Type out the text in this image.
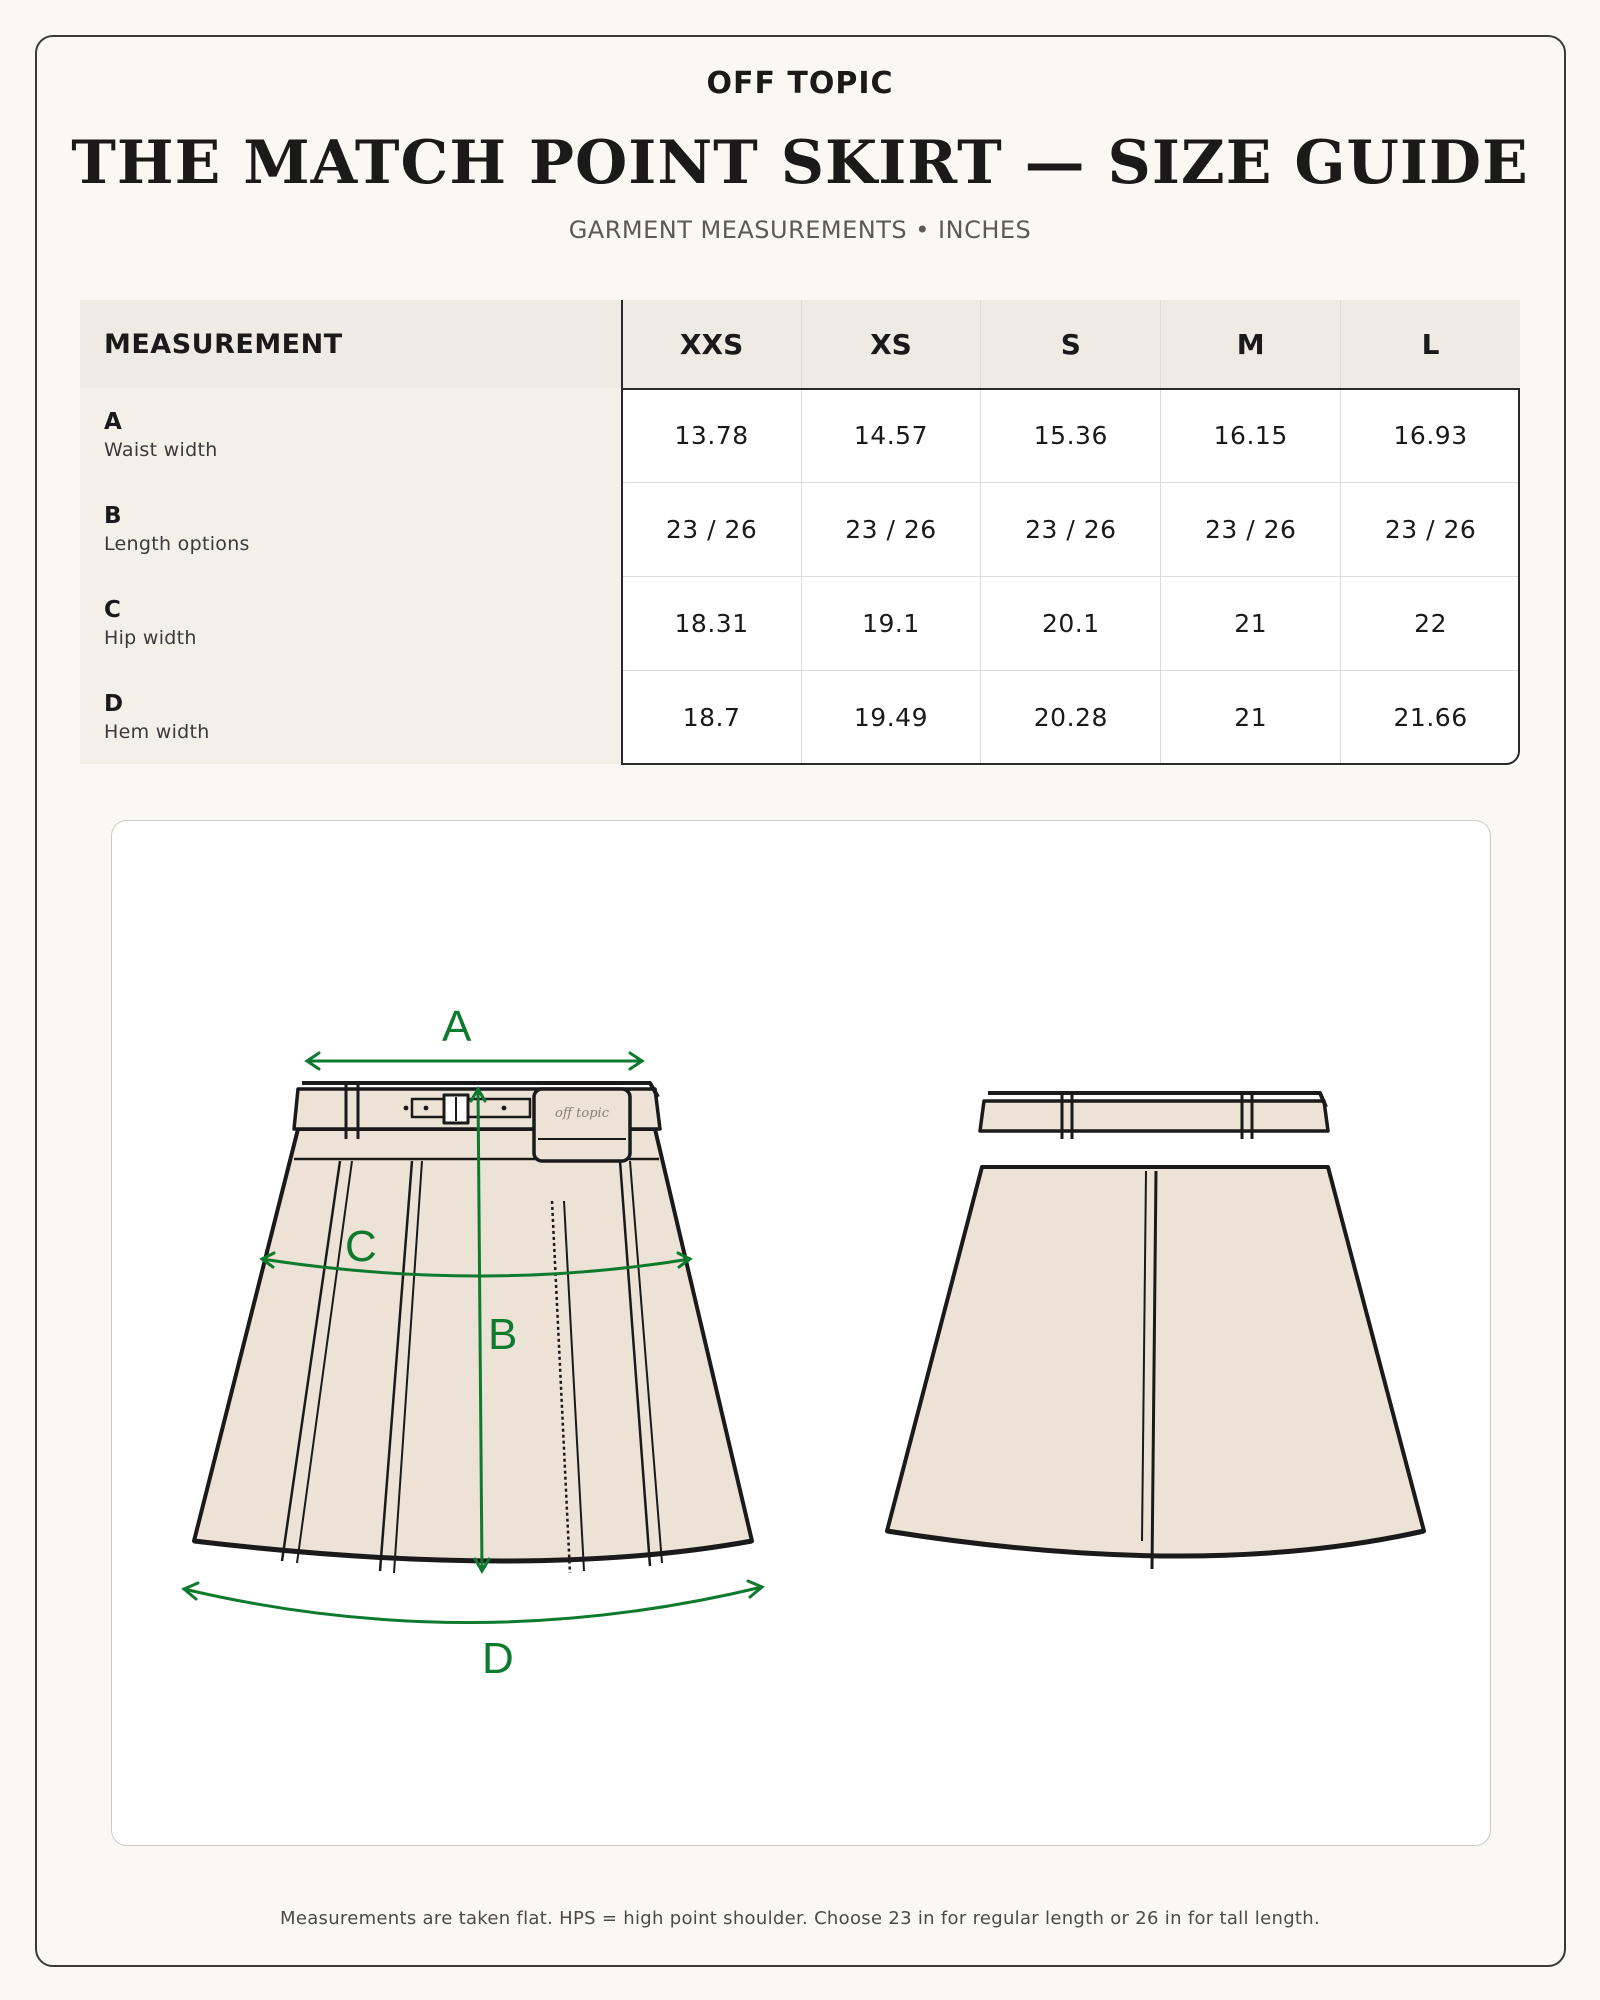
OFF TOPIC
THE MATCH POINT SKIRT — SIZE GUIDE
GARMENT MEASUREMENTS • INCHES
MEASUREMENT	XXS	XS	S	M	L
A
Waist width	13.78	14.57	15.36	16.15	16.93
B
Length options	23 / 26	23 / 26	23 / 26	23 / 26	23 / 26
C
Hip width	18.31	19.1	20.1	21	22
D
Hem width	18.7	19.49	20.28	21	21.66
off topic
A
C
B
D
Measurements are taken flat. HPS = high point shoulder. Choose 23 in for regular length or 26 in for tall length.
